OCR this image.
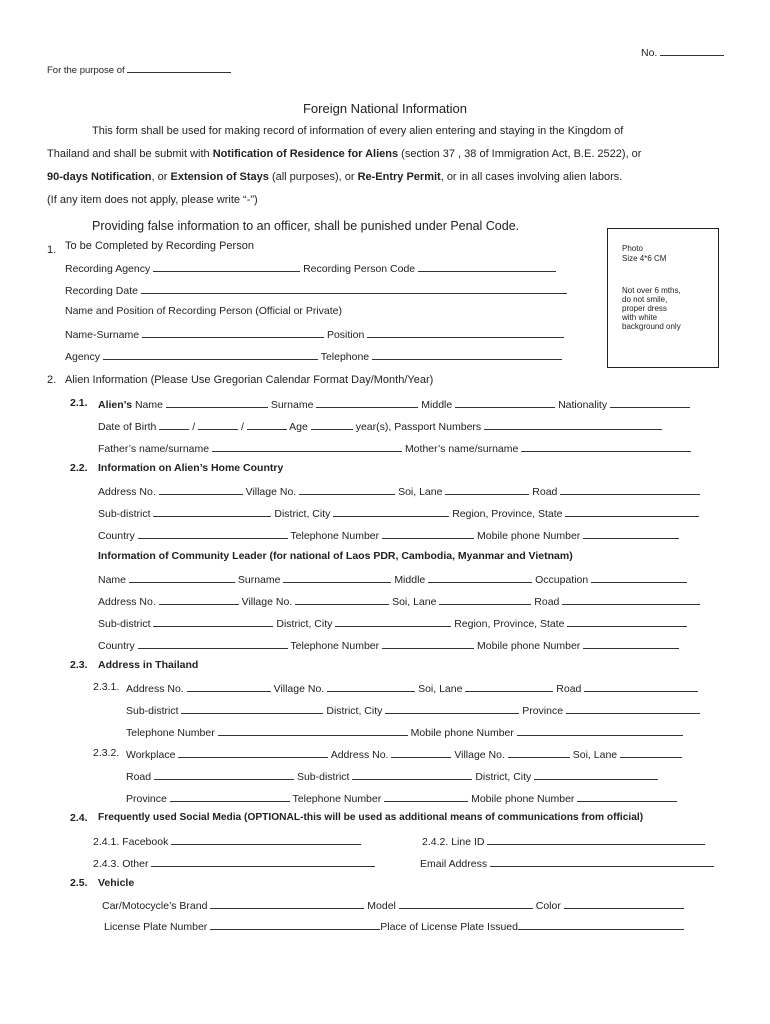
No.
For the purpose of
Foreign National Information
This form shall be used for making record of information of every alien entering and staying in the Kingdom of
Thailand and shall be submit with Notification of Residence for Aliens (section 37 , 38 of Immigration Act, B.E. 2522), or
90-days Notification, or Extension of Stays (all purposes), or Re-Entry Permit, or in all cases involving alien labors.
(If any item does not apply, please write “-”)
Providing false information to an officer, shall be punished under Penal Code.
Photo
Size 4*6 CM
Not over 6 mths,
do not smile,
proper dress
with white
background only
1. To be Completed by Recording Person
Recording Agency	Recording Person Code
Recording Date
Name and Position of Recording Person (Official or Private)
Name-Surname	Position
Agency	Telephone
2. Alien Information (Please Use Gregorian Calendar Format Day/Month/Year)
2.1. Alien’s Name	Surname	Middle	Nationality
Date of Birth	/	/	Age	year(s), Passport Numbers
Father’s name/surname	Mother’s name/surname
2.2. Information on Alien’s Home Country
Address No.	Village No.	Soi, Lane	Road
Sub-district	District, City	Region, Province, State
Country	Telephone Number	Mobile phone Number
Information of Community Leader (for national of Laos PDR, Cambodia, Myanmar and Vietnam)
Name	Surname	Middle	Occupation
Address No.	Village No.	Soi, Lane	Road
Sub-district	District, City	Region, Province, State
Country	Telephone Number	Mobile phone Number
2.3. Address in Thailand
2.3.1. Address No.	Village No.	Soi, Lane	Road
Sub-district	District, City	Province
Telephone Number	Mobile phone Number
2.3.2. Workplace	Address No.	Village No.	Soi, Lane
Road	Sub-district	District, City
Province	Telephone Number	Mobile phone Number
2.4. Frequently used Social Media (OPTIONAL-this will be used as additional means of communications from official)
2.4.1. Facebook	2.4.2. Line ID
2.4.3. Other	Email Address
2.5. Vehicle
Car/Motocycle’s Brand	Model	Color
License Plate Number	Place of License Plate Issued
